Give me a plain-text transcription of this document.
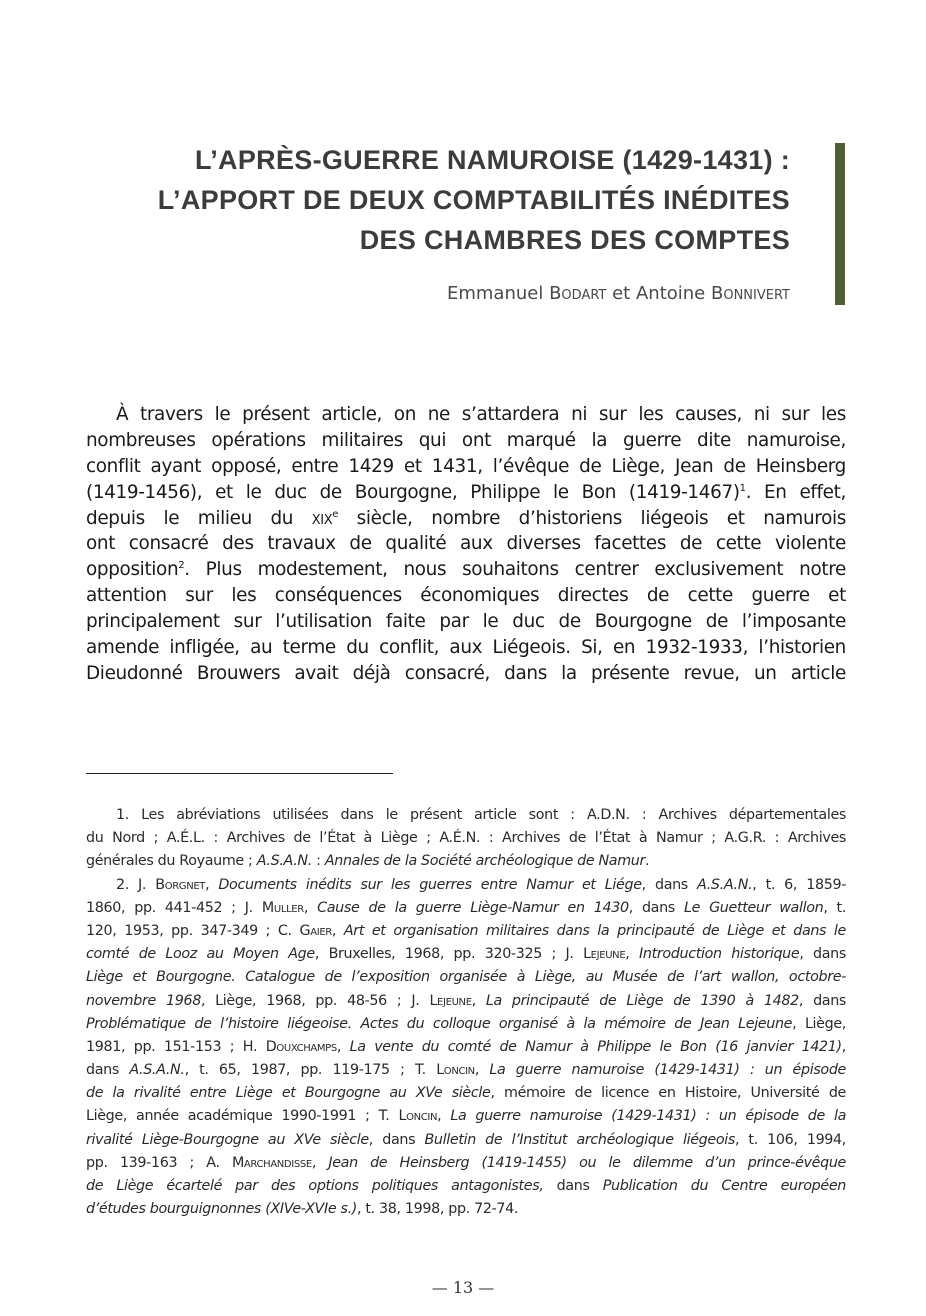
L’APRÈS-GUERRE NAMUROISE (1429-1431) :
L’APPORT DE DEUX COMPTABILITÉS INÉDITES
DES CHAMBRES DES COMPTES
Emmanuel Bodart et Antoine Bonnivert
À travers le présent article, on ne s’attardera ni sur les causes, ni sur les
nombreuses opérations militaires qui ont marqué la guerre dite namuroise,
conflit ayant opposé, entre 1429 et 1431, l’évêque de Liège, Jean de Heinsberg
(1419-1456), et le duc de Bourgogne, Philippe le Bon (1419-1467)$^1$. En effet,
depuis le milieu du xix$^e$ siècle, nombre d’historiens liégeois et namurois
ont consacré des travaux de qualité aux diverses facettes de cette violente
opposition$^2$. Plus modestement, nous souhaitons centrer exclusivement notre
attention sur les conséquences économiques directes de cette guerre et
principalement sur l’utilisation faite par le duc de Bourgogne de l’imposante
amende infligée, au terme du conflit, aux Liégeois. Si, en 1932-1933, l’historien
Dieudonné Brouwers avait déjà consacré, dans la présente revue, un article
1. Les abréviations utilisées dans le présent article sont : A.D.N. : Archives départementales
du Nord ; A.É.L. : Archives de l’État à Liège ; A.É.N. : Archives de l’État à Namur ; A.G.R. : Archives
générales du Royaume ; A.S.A.N. : Annales de la Société archéologique de Namur.
2. J. Borgnet, Documents inédits sur les guerres entre Namur et Liége, dans A.S.A.N., t. 6, 1859-
1860, pp. 441-452 ; J. Muller, Cause de la guerre Liège-Namur en 1430, dans Le Guetteur wallon, t.
120, 1953, pp. 347-349 ; C. Gaier, Art et organisation militaires dans la principauté de Liège et dans le
comté de Looz au Moyen Age, Bruxelles, 1968, pp. 320-325 ; J. Lejeune, Introduction historique, dans
Liège et Bourgogne. Catalogue de l’exposition organisée à Liège, au Musée de l’art wallon, octobre-
novembre 1968, Liège, 1968, pp. 48-56 ; J. Lejeune, La principauté de Liège de 1390 à 1482, dans
Problématique de l’histoire liégeoise. Actes du colloque organisé à la mémoire de Jean Lejeune, Liège,
1981, pp. 151-153 ; H. Douxchamps, La vente du comté de Namur à Philippe le Bon (16 janvier 1421),
dans A.S.A.N., t. 65, 1987, pp. 119-175 ; T. Loncin, La guerre namuroise (1429-1431) : un épisode
de la rivalité entre Liège et Bourgogne au XVe siècle, mémoire de licence en Histoire, Université de
Liège, année académique 1990-1991 ; T. Loncin, La guerre namuroise (1429-1431) : un épisode de la
rivalité Liège-Bourgogne au XVe siècle, dans Bulletin de l’Institut archéologique liégeois, t. 106, 1994,
pp. 139-163 ; A. Marchandisse, Jean de Heinsberg (1419-1455) ou le dilemme d’un prince-évêque
de Liège écartelé par des options politiques antagonistes, dans Publication du Centre européen
d’études bourguignonnes (XIVe-XVIe s.), t. 38, 1998, pp. 72-74.
— 13 —
